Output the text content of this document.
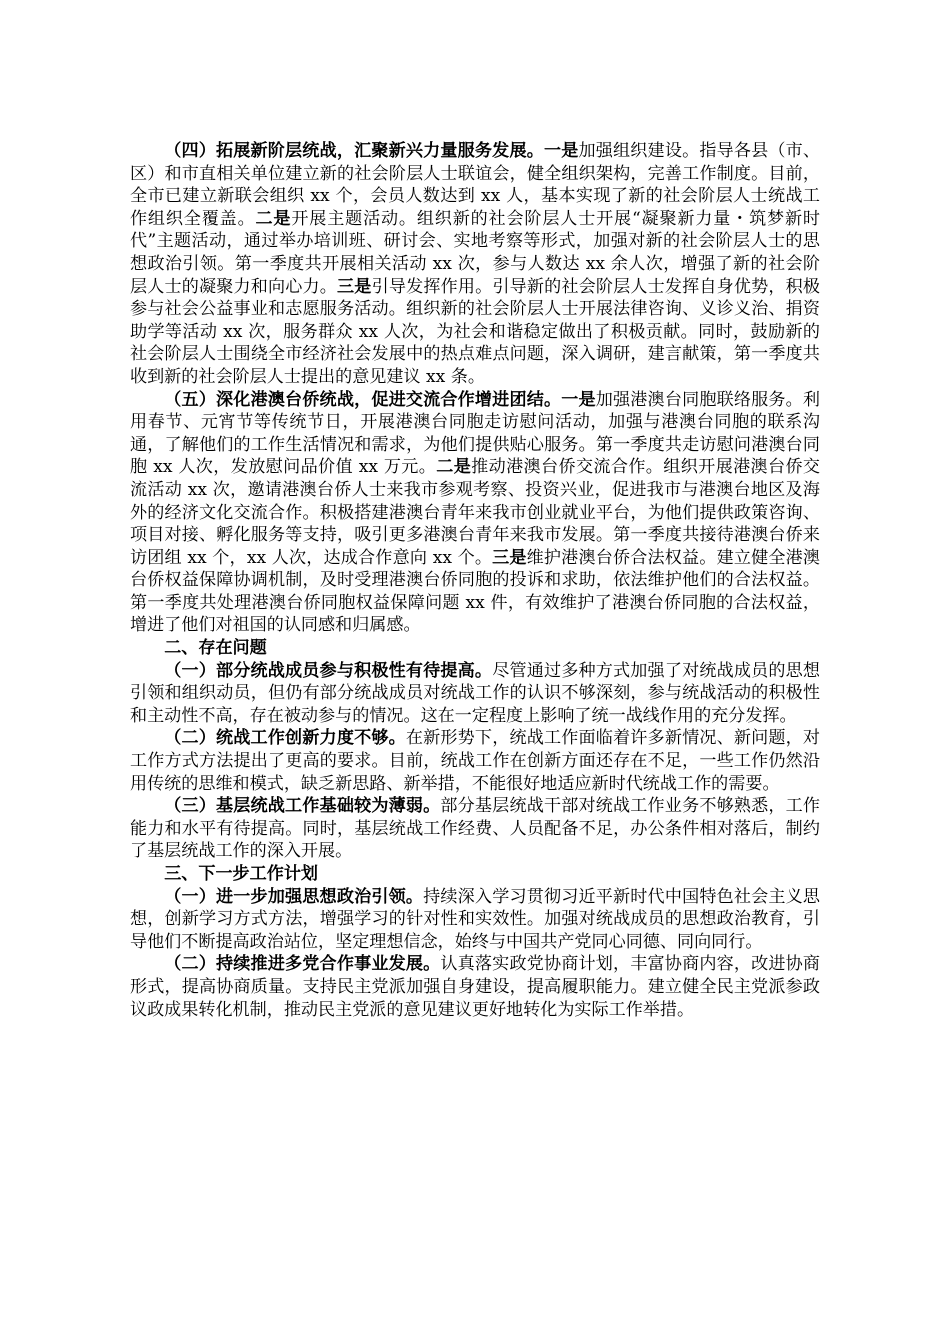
（四）拓展新阶层统战，汇聚新兴力量服务发展。一是加强组织建设。指导各县（市、区）和市直相关单位建立新的社会阶层人士联谊会，健全组织架构，完善工作制度。目前，全市已建立新联会组织 xx 个，会员人数达到 xx 人，基本实现了新的社会阶层人士统战工作组织全覆盖。二是开展主题活动。组织新的社会阶层人士开展“凝聚新力量・筑梦新时代”主题活动，通过举办培训班、研讨会、实地考察等形式，加强对新的社会阶层人士的思想政治引领。第一季度共开展相关活动 xx 次，参与人数达 xx 余人次，增强了新的社会阶层人士的凝聚力和向心力。三是引导发挥作用。引导新的社会阶层人士发挥自身优势，积极参与社会公益事业和志愿服务活动。组织新的社会阶层人士开展法律咨询、义诊义治、捐资助学等活动 xx 次，服务群众 xx 人次，为社会和谐稳定做出了积极贡献。同时，鼓励新的社会阶层人士围绕全市经济社会发展中的热点难点问题，深入调研，建言献策，第一季度共收到新的社会阶层人士提出的意见建议 xx 条。

（五）深化港澳台侨统战，促进交流合作增进团结。一是加强港澳台同胞联络服务。利用春节、元宵节等传统节日，开展港澳台同胞走访慰问活动，加强与港澳台同胞的联系沟通，了解他们的工作生活情况和需求，为他们提供贴心服务。第一季度共走访慰问港澳台同胞 xx 人次，发放慰问品价值 xx 万元。二是推动港澳台侨交流合作。组织开展港澳台侨交流活动 xx 次，邀请港澳台侨人士来我市参观考察、投资兴业，促进我市与港澳台地区及海外的经济文化交流合作。积极搭建港澳台青年来我市创业就业平台，为他们提供政策咨询、项目对接、孵化服务等支持，吸引更多港澳台青年来我市发展。第一季度共接待港澳台侨来访团组 xx 个，xx 人次，达成合作意向 xx 个。三是维护港澳台侨合法权益。建立健全港澳台侨权益保障协调机制，及时受理港澳台侨同胞的投诉和求助，依法维护他们的合法权益。第一季度共处理港澳台侨同胞权益保障问题 xx 件，有效维护了港澳台侨同胞的合法权益，增进了他们对祖国的认同感和归属感。

二、存在问题

（一）部分统战成员参与积极性有待提高。尽管通过多种方式加强了对统战成员的思想引领和组织动员，但仍有部分统战成员对统战工作的认识不够深刻，参与统战活动的积极性和主动性不高，存在被动参与的情况。这在一定程度上影响了统一战线作用的充分发挥。

（二）统战工作创新力度不够。在新形势下，统战工作面临着许多新情况、新问题，对工作方式方法提出了更高的要求。目前，统战工作在创新方面还存在不足，一些工作仍然沿用传统的思维和模式，缺乏新思路、新举措，不能很好地适应新时代统战工作的需要。

（三）基层统战工作基础较为薄弱。部分基层统战干部对统战工作业务不够熟悉，工作能力和水平有待提高。同时，基层统战工作经费、人员配备不足，办公条件相对落后，制约了基层统战工作的深入开展。

三、下一步工作计划

（一）进一步加强思想政治引领。持续深入学习贯彻习近平新时代中国特色社会主义思想，创新学习方式方法，增强学习的针对性和实效性。加强对统战成员的思想政治教育，引导他们不断提高政治站位，坚定理想信念，始终与中国共产党同心同德、同向同行。

（二）持续推进多党合作事业发展。认真落实政党协商计划，丰富协商内容，改进协商形式，提高协商质量。支持民主党派加强自身建设，提高履职能力。建立健全民主党派参政议政成果转化机制，推动民主党派的意见建议更好地转化为实际工作举措。
